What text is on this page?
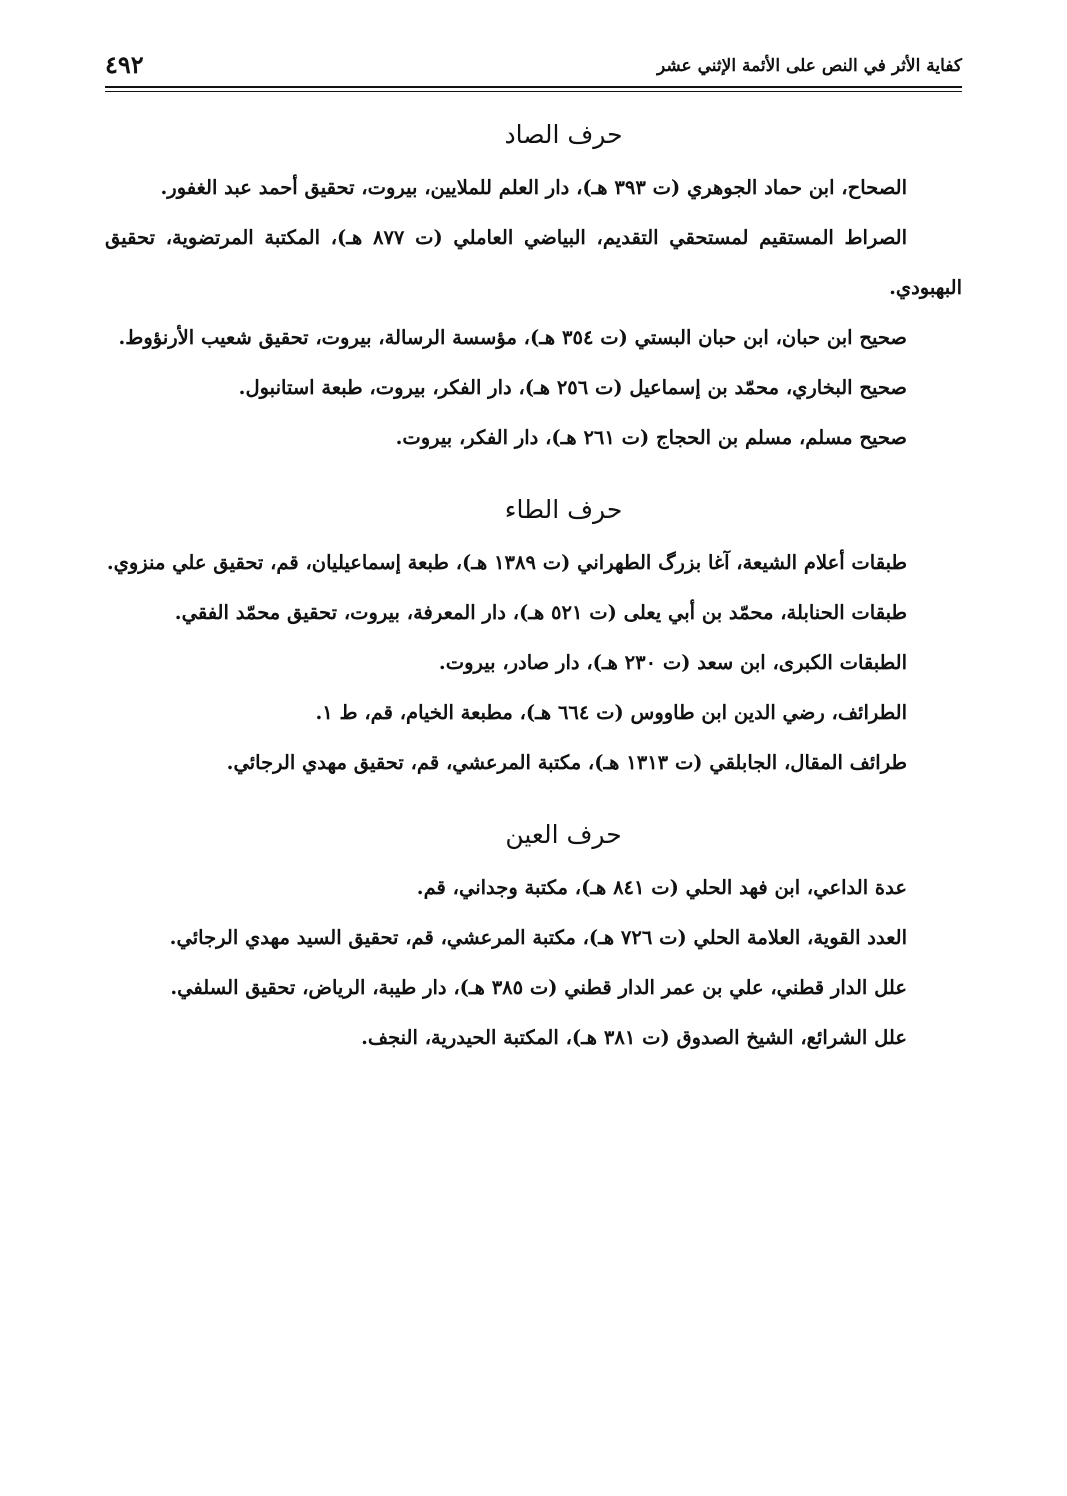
٤٩٢	كفاية الأثر في النص على الأئمة الإثني عشر
حرف الصاد

الصحاح، ابن حماد الجوهري (ت ٣٩٣ هـ)، دار العلم للملايين، بيروت، تحقيق أحمد عبد الغفور.

الصراط المستقيم لمستحقي التقديم، البياضي العاملي (ت ٨٧٧ هـ)، المكتبة المرتضوية، تحقيق البهبودي.

صحيح ابن حبان، ابن حبان البستي (ت ٣٥٤ هـ)، مؤسسة الرسالة، بيروت، تحقيق شعيب الأرنؤوط.

صحيح البخاري، محمّد بن إسماعيل (ت ٢٥٦ هـ)، دار الفكر، بيروت، طبعة استانبول.

صحيح مسلم، مسلم بن الحجاج (ت ٢٦١ هـ)، دار الفكر، بيروت.

حرف الطاء

طبقات أعلام الشيعة، آغا بزرگ الطهراني (ت ١٣٨٩ هـ)، طبعة إسماعيليان، قم، تحقيق علي منزوي.

طبقات الحنابلة، محمّد بن أبي يعلى (ت ٥٢١ هـ)، دار المعرفة، بيروت، تحقيق محمّد الفقي.

الطبقات الكبرى، ابن سعد (ت ٢٣٠ هـ)، دار صادر، بيروت.

الطرائف، رضي الدين ابن طاووس (ت ٦٦٤ هـ)، مطبعة الخيام، قم، ط ١.

طرائف المقال، الجابلقي (ت ١٣١٣ هـ)، مكتبة المرعشي، قم، تحقيق مهدي الرجائي.

حرف العين

عدة الداعي، ابن فهد الحلي (ت ٨٤١ هـ)، مكتبة وجداني، قم.

العدد القوية، العلامة الحلي (ت ٧٢٦ هـ)، مكتبة المرعشي، قم، تحقيق السيد مهدي الرجائي.

علل الدار قطني، علي بن عمر الدار قطني (ت ٣٨٥ هـ)، دار طيبة، الرياض، تحقيق السلفي.

علل الشرائع، الشيخ الصدوق (ت ٣٨١ هـ)، المكتبة الحيدرية، النجف.
